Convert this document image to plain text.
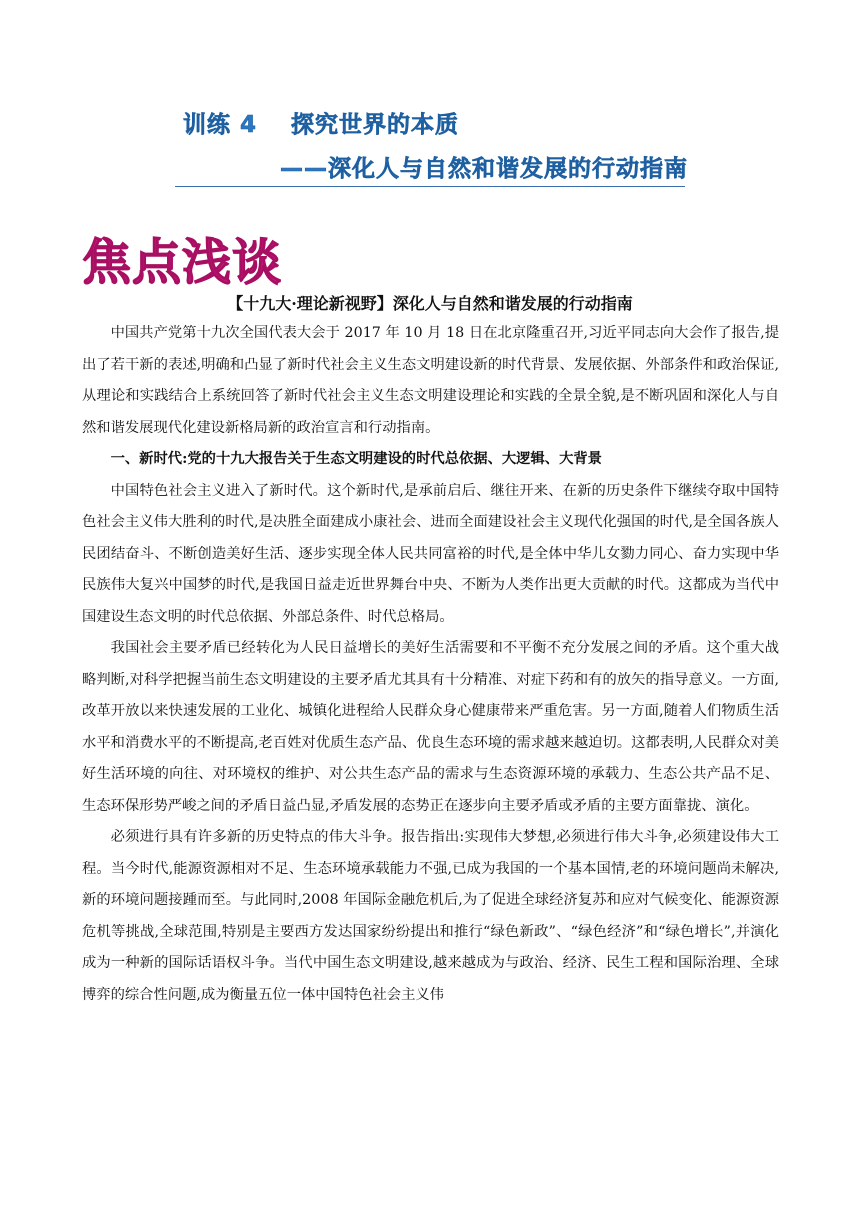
训练 4 探究世界的本质
——深化人与自然和谐发展的行动指南
焦点浅谈
【十九大·理论新视野】深化人与自然和谐发展的行动指南

中国共产党第十九次全国代表大会于 2017 年 10 月 18 日在北京隆重召开,习近平同志向大会作了报告,提出了若干新的表述,明确和凸显了新时代社会主义生态文明建设新的时代背景、发展依据、外部条件和政治保证,从理论和实践结合上系统回答了新时代社会主义生态文明建设理论和实践的全景全貌,是不断巩固和深化人与自然和谐发展现代化建设新格局新的政治宣言和行动指南。

一、新时代:党的十九大报告关于生态文明建设的时代总依据、大逻辑、大背景

中国特色社会主义进入了新时代。这个新时代,是承前启后、继往开来、在新的历史条件下继续夺取中国特色社会主义伟大胜利的时代,是决胜全面建成小康社会、进而全面建设社会主义现代化强国的时代,是全国各族人民团结奋斗、不断创造美好生活、逐步实现全体人民共同富裕的时代,是全体中华儿女勠力同心、奋力实现中华民族伟大复兴中国梦的时代,是我国日益走近世界舞台中央、不断为人类作出更大贡献的时代。这都成为当代中国建设生态文明的时代总依据、外部总条件、时代总格局。

我国社会主要矛盾已经转化为人民日益增长的美好生活需要和不平衡不充分发展之间的矛盾。这个重大战略判断,对科学把握当前生态文明建设的主要矛盾尤其具有十分精准、对症下药和有的放矢的指导意义。一方面,改革开放以来快速发展的工业化、城镇化进程给人民群众身心健康带来严重危害。另一方面,随着人们物质生活水平和消费水平的不断提高,老百姓对优质生态产品、优良生态环境的需求越来越迫切。这都表明,人民群众对美好生活环境的向往、对环境权的维护、对公共生态产品的需求与生态资源环境的承载力、生态公共产品不足、生态环保形势严峻之间的矛盾日益凸显,矛盾发展的态势正在逐步向主要矛盾或矛盾的主要方面靠拢、演化。

必须进行具有许多新的历史特点的伟大斗争。报告指出:实现伟大梦想,必须进行伟大斗争,必须建设伟大工程。当今时代,能源资源相对不足、生态环境承载能力不强,已成为我国的一个基本国情,老的环境问题尚未解决,新的环境问题接踵而至。与此同时,2008 年国际金融危机后,为了促进全球经济复苏和应对气候变化、能源资源危机等挑战,全球范围,特别是主要西方发达国家纷纷提出和推行“绿色新政”、“绿色经济”和“绿色增长”,并演化成为一种新的国际话语权斗争。当代中国生态文明建设,越来越成为与政治、经济、民生工程和国际治理、全球博弈的综合性问题,成为衡量五位一体中国特色社会主义伟
